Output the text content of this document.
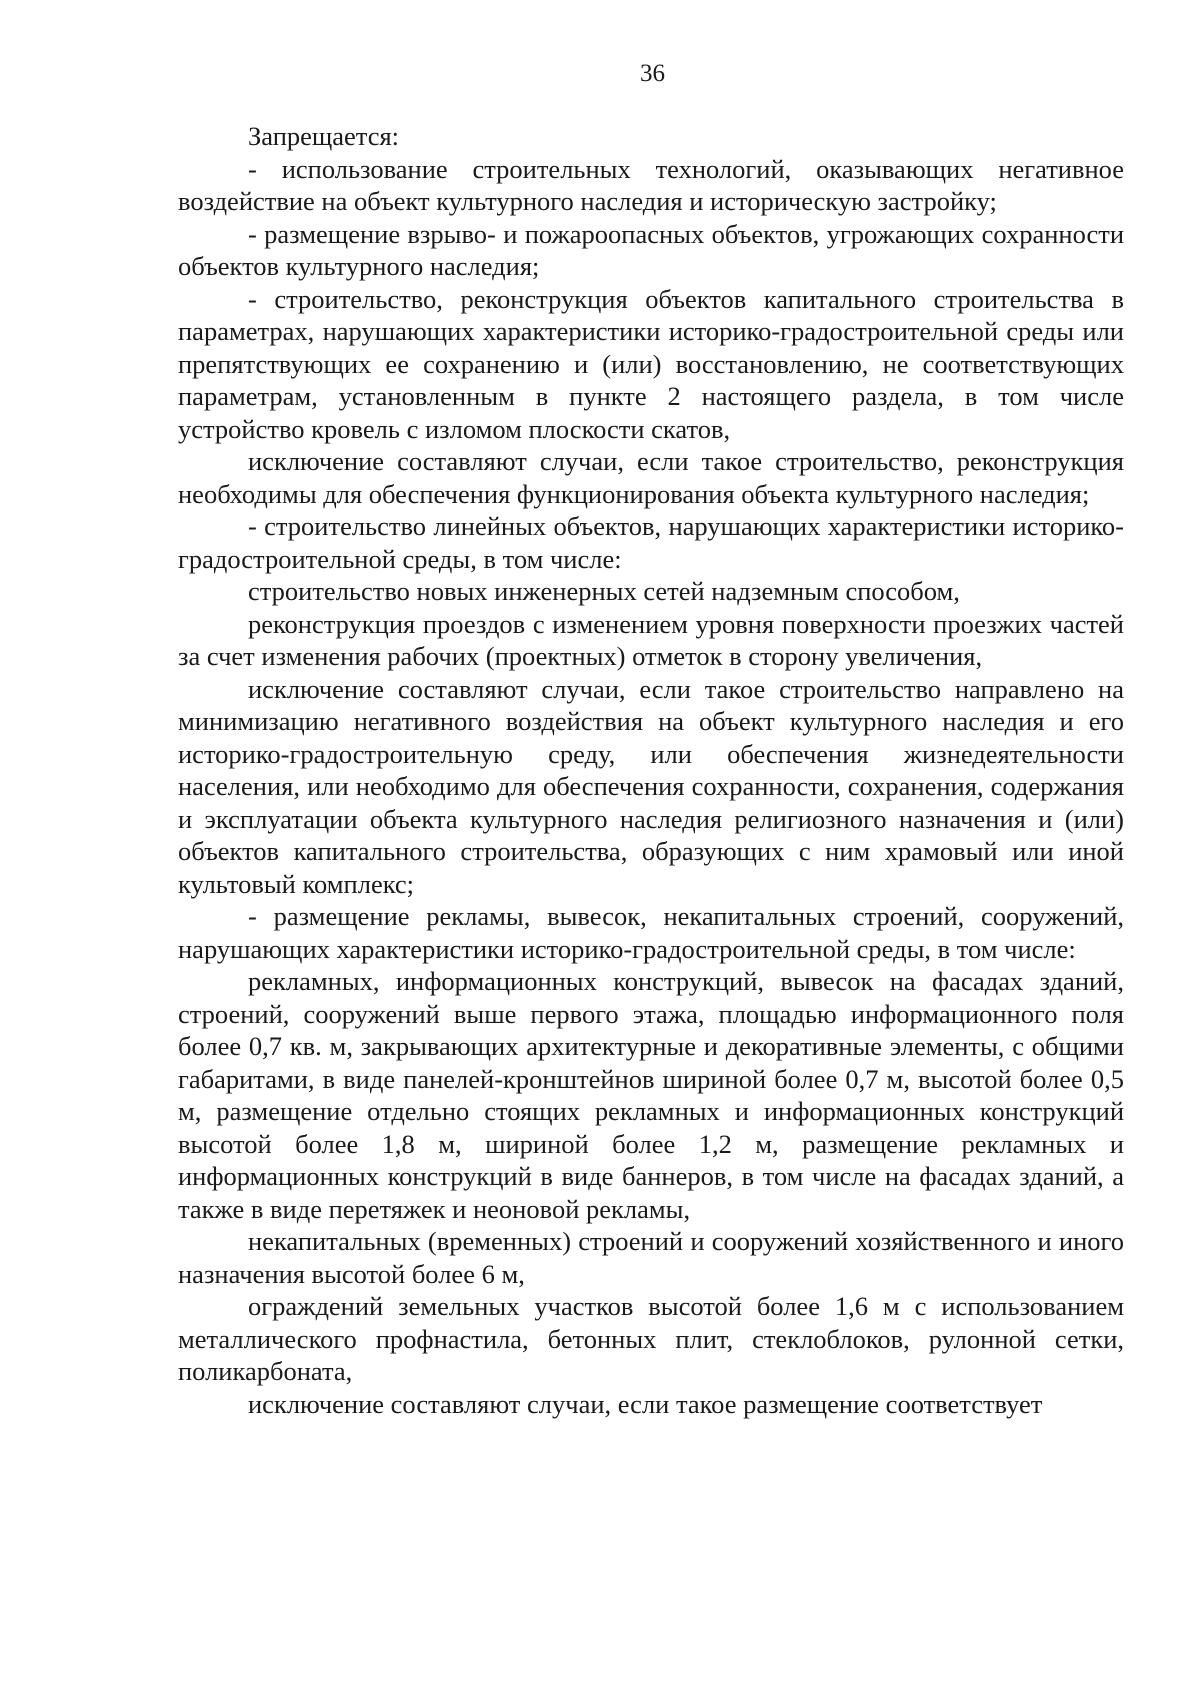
36

Запрещается:

- использование строительных технологий, оказывающих негативное воздействие на объект культурного наследия и историческую застройку;

- размещение взрыво- и пожароопасных объектов, угрожающих сохранности объектов культурного наследия;

- строительство, реконструкция объектов капитального строительства в параметрах, нарушающих характеристики историко-градостроительной среды или препятствующих ее сохранению и (или) восстановлению, не соответствующих параметрам, установленным в пункте 2 настоящего раздела, в том числе устройство кровель с изломом плоскости скатов,

исключение составляют случаи, если такое строительство, реконструкция необходимы для обеспечения функционирования объекта культурного наследия;

- строительство линейных объектов, нарушающих характеристики историко-градостроительной среды, в том числе:

строительство новых инженерных сетей надземным способом,

реконструкция проездов с изменением уровня поверхности проезжих частей за счет изменения рабочих (проектных) отметок в сторону увеличения,

исключение составляют случаи, если такое строительство направлено на минимизацию негативного воздействия на объект культурного наследия и его историко-градостроительную среду, или обеспечения жизнедеятельности населения, или необходимо для обеспечения сохранности, сохранения, содержания и эксплуатации объекта культурного наследия религиозного назначения и (или) объектов капитального строительства, образующих с ним храмовый или иной культовый комплекс;

- размещение рекламы, вывесок, некапитальных строений, сооружений, нарушающих характеристики историко-градостроительной среды, в том числе:

рекламных, информационных конструкций, вывесок на фасадах зданий, строений, сооружений выше первого этажа, площадью информационного поля более 0,7 кв. м, закрывающих архитектурные и декоративные элементы, с общими габаритами, в виде панелей-кронштейнов шириной более 0,7 м, высотой более 0,5 м, размещение отдельно стоящих рекламных и информационных конструкций высотой более 1,8 м, шириной более 1,2 м, размещение рекламных и информационных конструкций в виде баннеров, в том числе на фасадах зданий, а также в виде перетяжек и неоновой рекламы,

некапитальных (временных) строений и сооружений хозяйственного и иного назначения высотой более 6 м,

ограждений земельных участков высотой более 1,6 м с использованием металлического профнастила, бетонных плит, стеклоблоков, рулонной сетки, поликарбоната,

исключение составляют случаи, если такое размещение соответствует
